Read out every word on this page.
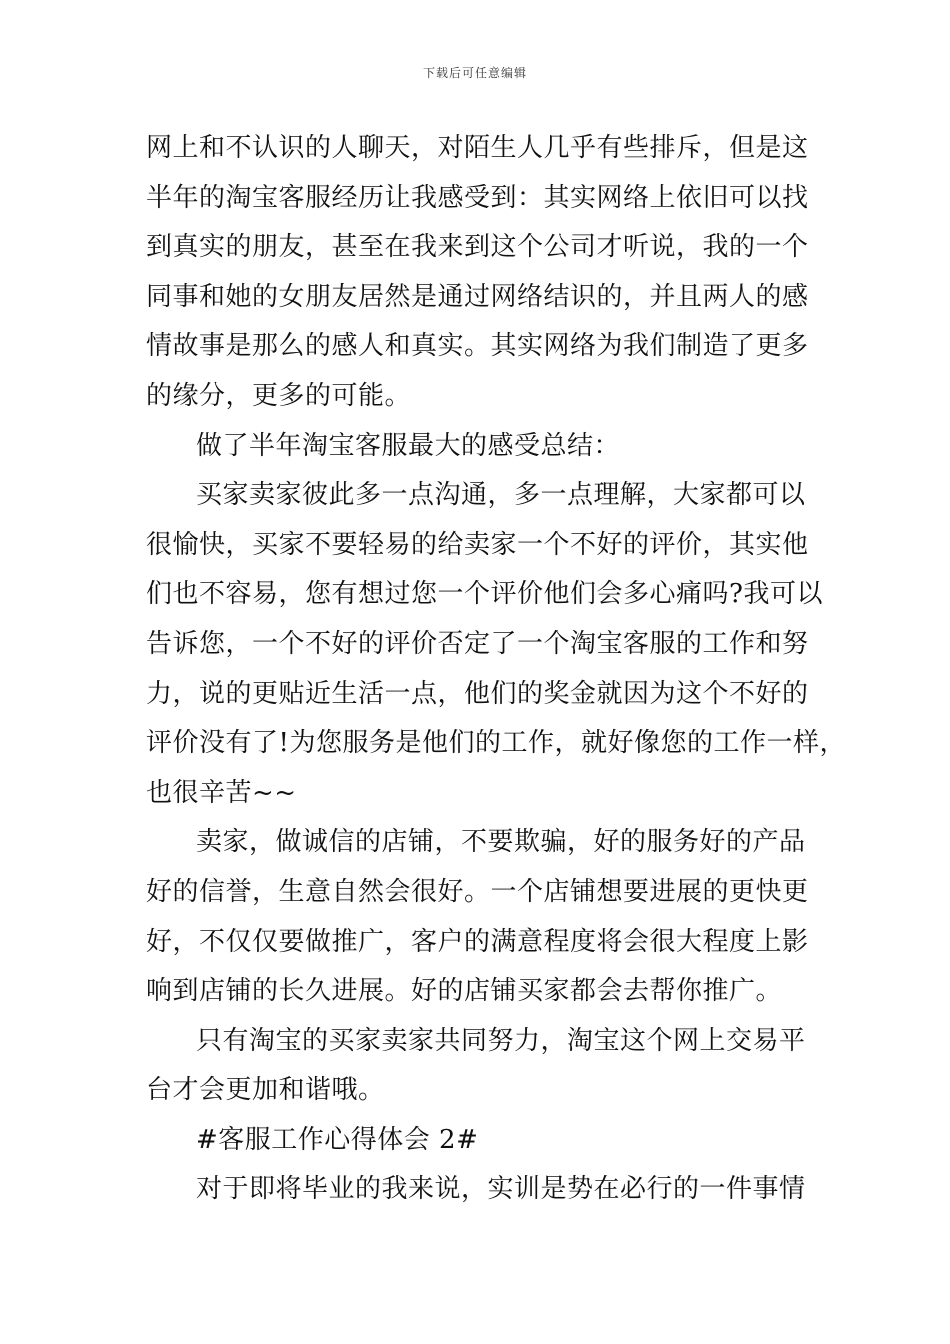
下载后可任意编辑
网上和不认识的人聊天，对陌生人几乎有些排斥，但是这
半年的淘宝客服经历让我感受到：其实网络上依旧可以找
到真实的朋友，甚至在我来到这个公司才听说，我的一个
同事和她的女朋友居然是通过网络结识的，并且两人的感
情故事是那么的感人和真实。其实网络为我们制造了更多
的缘分，更多的可能。
做了半年淘宝客服最大的感受总结：
买家卖家彼此多一点沟通，多一点理解，大家都可以
很愉快，买家不要轻易的给卖家一个不好的评价，其实他
们也不容易，您有想过您一个评价他们会多心痛吗?我可以
告诉您，一个不好的评价否定了一个淘宝客服的工作和努
力，说的更贴近生活一点，他们的奖金就因为这个不好的
评价没有了!为您服务是他们的工作，就好像您的工作一样，
也很辛苦~~
卖家，做诚信的店铺，不要欺骗，好的服务好的产品
好的信誉，生意自然会很好。一个店铺想要进展的更快更
好，不仅仅要做推广，客户的满意程度将会很大程度上影
响到店铺的长久进展。好的店铺买家都会去帮你推广。
只有淘宝的买家卖家共同努力，淘宝这个网上交易平
台才会更加和谐哦。
#客服工作心得体会 2#
对于即将毕业的我来说，实训是势在必行的一件事情
